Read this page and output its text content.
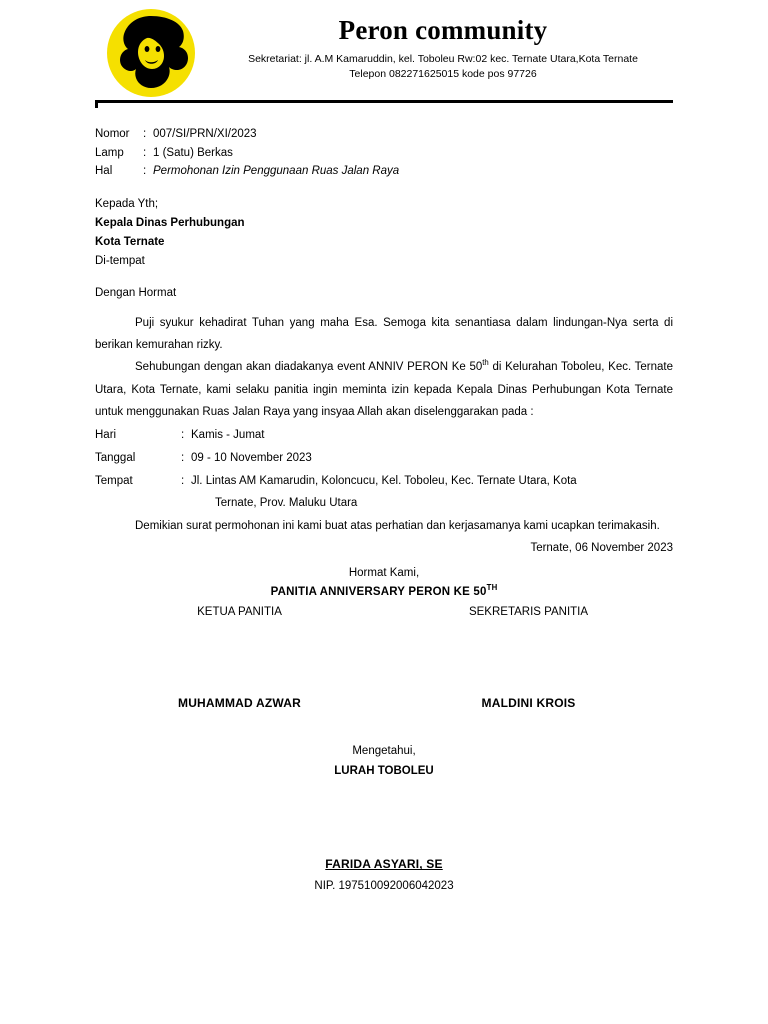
Peron community
Sekretariat: jl. A.M Kamaruddin, kel. Toboleu Rw:02 kec. Ternate Utara,Kota Ternate
Telepon 082271625015 kode pos 97726
Nomor	: 007/SI/PRN/XI/2023
Lamp	: 1 (Satu) Berkas
Hal	: Permohonan Izin Penggunaan Ruas Jalan Raya
Kepada Yth;
Kepala Dinas Perhubungan
Kota Ternate
Di-tempat
Dengan Hormat

Puji syukur kehadirat Tuhan yang maha Esa. Semoga kita senantiasa dalam lindungan-Nya serta di berikan kemurahan rizky.

Sehubungan dengan akan diadakanya event ANNIV PERON Ke 50th di Kelurahan Toboleu, Kec. Ternate Utara, Kota Ternate, kami selaku panitia ingin meminta izin kepada Kepala Dinas Perhubungan Kota Ternate untuk menggunakan Ruas Jalan Raya yang insyaa Allah akan diselenggarakan pada :

Hari	: Kamis - Jumat
Tanggal	: 09 - 10 November 2023
Tempat	: Jl. Lintas AM Kamarudin, Koloncucu, Kel. Toboleu, Kec. Ternate Utara, Kota
Ternate, Prov. Maluku Utara

Demikian surat permohonan ini kami buat atas perhatian dan kerjasamanya kami ucapkan terimakasih.

Ternate, 06 November 2023
Hormat Kami,
PANITIA ANNIVERSARY PERON KE 50TH
KETUA PANITIA	SEKRETARIS PANITIA
MUHAMMAD AZWAR	MALDINI KROIS
Mengetahui,
LURAH TOBOLEU
FARIDA ASYARI, SE
NIP. 197510092006042023
